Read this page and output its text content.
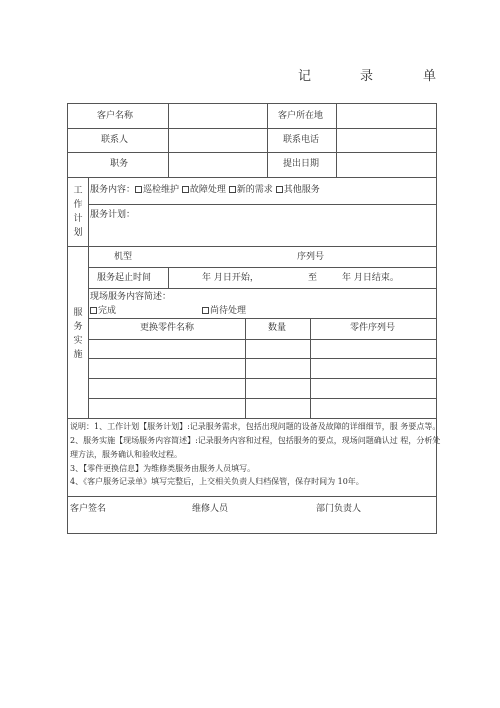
记	录	单
客户名称	客户所在地
联系人	联系电话
职务	提出日期
工
作
计
划
服务内容： 巡检维护 故障处理 新的需求 其他服务
服务计划：
服
务
实
施
机型	序列号
服务起止时间	年 月日开始，	至	年 月日结束。
现场服务内容简述：
完成	尚待处理
更换零件名称	数量	零件序列号
说明：1、工作计划【服务计划】:记录服务需求，包括出现问题的设备及故障的详细细节，服 务要点等。
2、服务实施【现场服务内容简述】:记录服务内容和过程，包括服务的要点，现场问题确认过 程，分析处
理方法，服务确认和验收过程。
3、【零件更换信息】为维修类服务由服务人员填写。
4、《客户服务记录单》填写完整后，上交相关负责人归档保管，保存时间为 10年。
客户签名	维修人员	部门负责人
